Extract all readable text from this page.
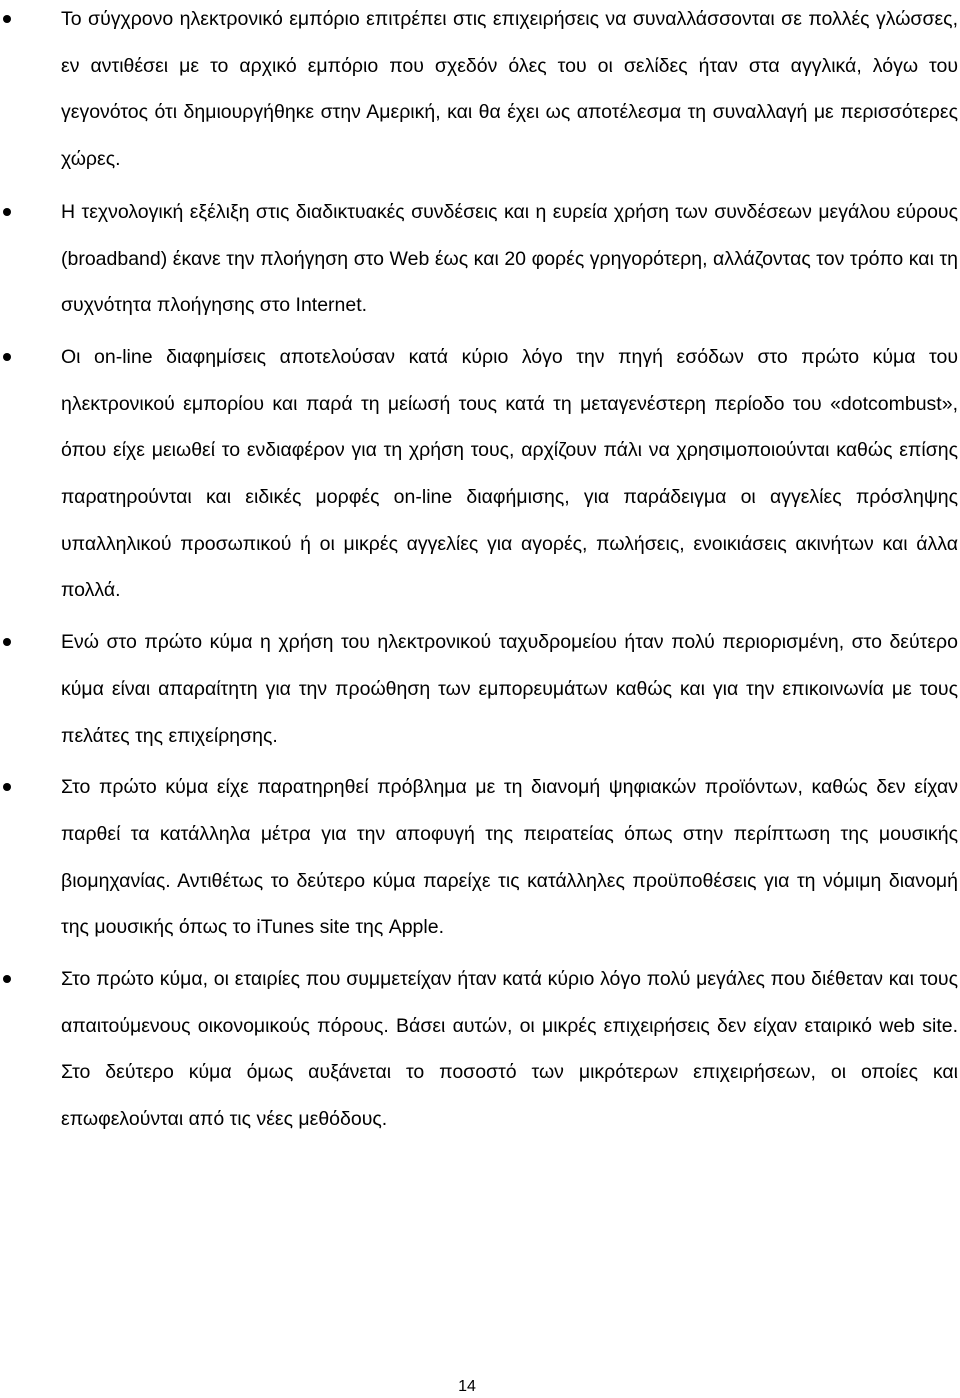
Το σύγχρονο ηλεκτρονικό εμπόριο επιτρέπει στις επιχειρήσεις να συναλλάσσονται σε πολλές γλώσσες, εν αντιθέσει με το αρχικό εμπόριο που σχεδόν όλες του οι σελίδες ήταν στα αγγλικά, λόγω του γεγονότος ότι δημιουργήθηκε στην Αμερική, και θα έχει ως αποτέλεσμα τη συναλλαγή με περισσότερες χώρες.
Η τεχνολογική εξέλιξη στις διαδικτυακές συνδέσεις και η ευρεία χρήση των συνδέσεων μεγάλου εύρους (broadband) έκανε την πλοήγηση στο Web έως και 20 φορές γρηγορότερη, αλλάζοντας τον τρόπο και τη συχνότητα πλοήγησης στο Internet.
Οι on-line διαφημίσεις αποτελούσαν κατά κύριο λόγο την πηγή εσόδων στο πρώτο κύμα του ηλεκτρονικού εμπορίου και παρά τη μείωσή τους κατά τη μεταγενέστερη περίοδο του «dotcombust», όπου είχε μειωθεί το ενδιαφέρον για τη χρήση τους, αρχίζουν πάλι να χρησιμοποιούνται καθώς επίσης παρατηρούνται και ειδικές μορφές on-line διαφήμισης, για παράδειγμα οι αγγελίες πρόσληψης υπαλληλικού προσωπικού ή οι μικρές αγγελίες για αγορές, πωλήσεις, ενοικιάσεις ακινήτων και άλλα πολλά.
Ενώ στο πρώτο κύμα η χρήση του ηλεκτρονικού ταχυδρομείου ήταν πολύ περιορισμένη, στο δεύτερο κύμα είναι απαραίτητη για την προώθηση των εμπορευμάτων καθώς και για την επικοινωνία με τους πελάτες της επιχείρησης.
Στο πρώτο κύμα είχε παρατηρηθεί πρόβλημα με τη διανομή ψηφιακών προϊόντων, καθώς δεν είχαν παρθεί τα κατάλληλα μέτρα για την αποφυγή της πειρατείας όπως στην περίπτωση της μουσικής βιομηχανίας. Αντιθέτως το δεύτερο κύμα παρείχε τις κατάλληλες προϋποθέσεις για τη νόμιμη διανομή της μουσικής όπως το iTunes site της Apple.
Στο πρώτο κύμα, οι εταιρίες που συμμετείχαν ήταν κατά κύριο λόγο πολύ μεγάλες που διέθεταν και τους απαιτούμενους οικονομικούς πόρους. Βάσει αυτών, οι μικρές επιχειρήσεις δεν είχαν εταιρικό web site. Στο δεύτερο κύμα όμως αυξάνεται το ποσοστό των μικρότερων επιχειρήσεων, οι οποίες και επωφελούνται από τις νέες μεθόδους.
14
